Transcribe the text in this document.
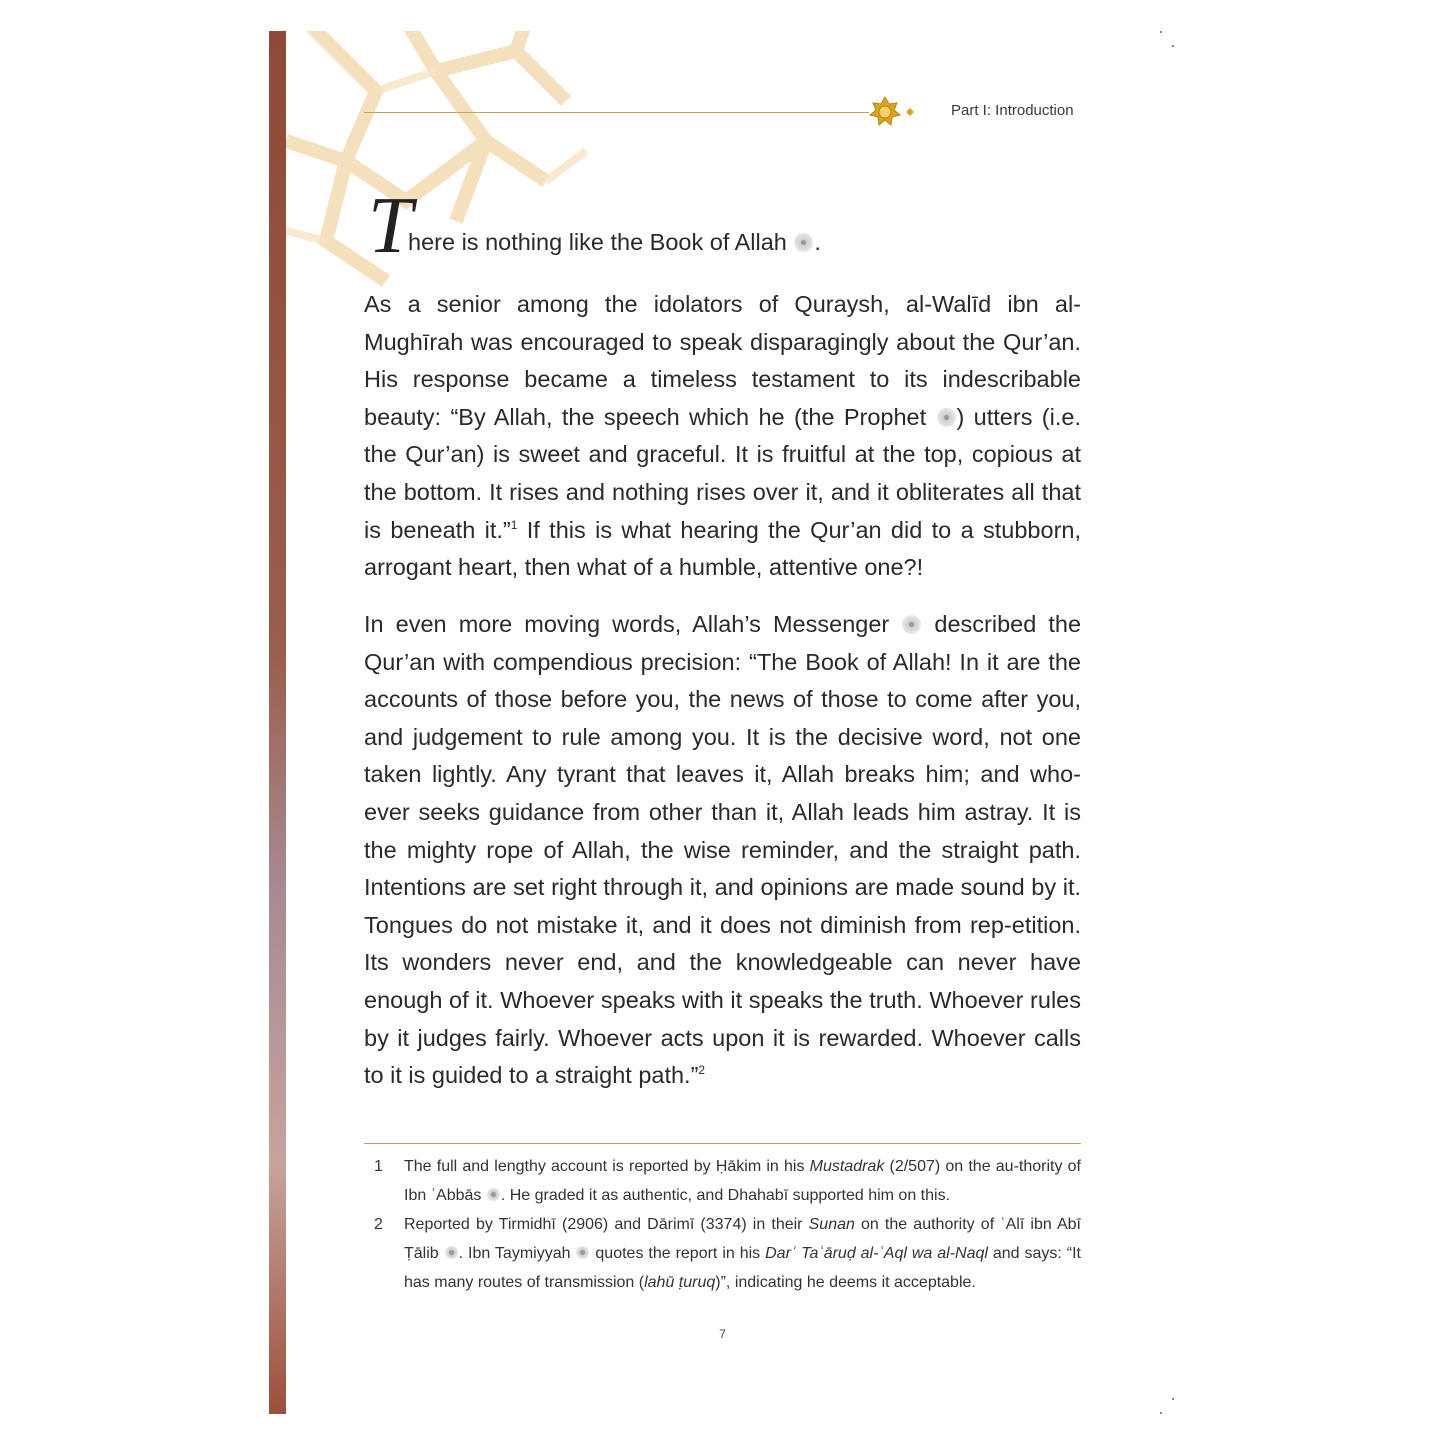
Part I: Introduction
T
here is nothing like the Book of Allah .

As a senior among the idolators of Quraysh, al-Walīd ibn al-Mughīrah was encouraged to speak disparagingly about the Qur’an. His response became a timeless testament to its indescribable beauty: “By Allah, the speech which he (the Prophet ) utters (i.e. the Qur’an) is sweet and graceful. It is fruitful at the top, copious at the bottom. It rises and nothing rises over it, and it obliterates all that is beneath it.”$^1$ If this is what hearing the Qur’an did to a stubborn, arrogant heart, then what of a humble, attentive one?!

In even more moving words, Allah’s Messenger  described the Qur’an with compendious precision: “The Book of Allah! In it are the accounts of those before you, the news of those to come after you, and judgement to rule among you. It is the decisive word, not one taken lightly. Any tyrant that leaves it, Allah breaks him; and who-ever seeks guidance from other than it, Allah leads him astray. It is the mighty rope of Allah, the wise reminder, and the straight path. Intentions are set right through it, and opinions are made sound by it. Tongues do not mistake it, and it does not diminish from rep-etition. Its wonders never end, and the knowledgeable can never have enough of it. Whoever speaks with it speaks the truth. Whoever rules by it judges fairly. Whoever acts upon it is rewarded. Whoever calls to it is guided to a straight path.”$^2$

1 The full and lengthy account is reported by Ḥākim in his Mustadrak (2/507) on the au-thority of Ibn ʿAbbās . He graded it as authentic, and Dhahabī supported him on this.
2 Reported by Tirmidhī (2906) and Dārimī (3374) in their Sunan on the authority of ʿAlī ibn Abī Ṭālib . Ibn Taymiyyah  quotes the report in his Darʾ Taʿāruḍ al-ʿAql wa al-Naql and says: “It has many routes of transmission (lahū ṭuruq)”, indicating he deems it acceptable.
7
